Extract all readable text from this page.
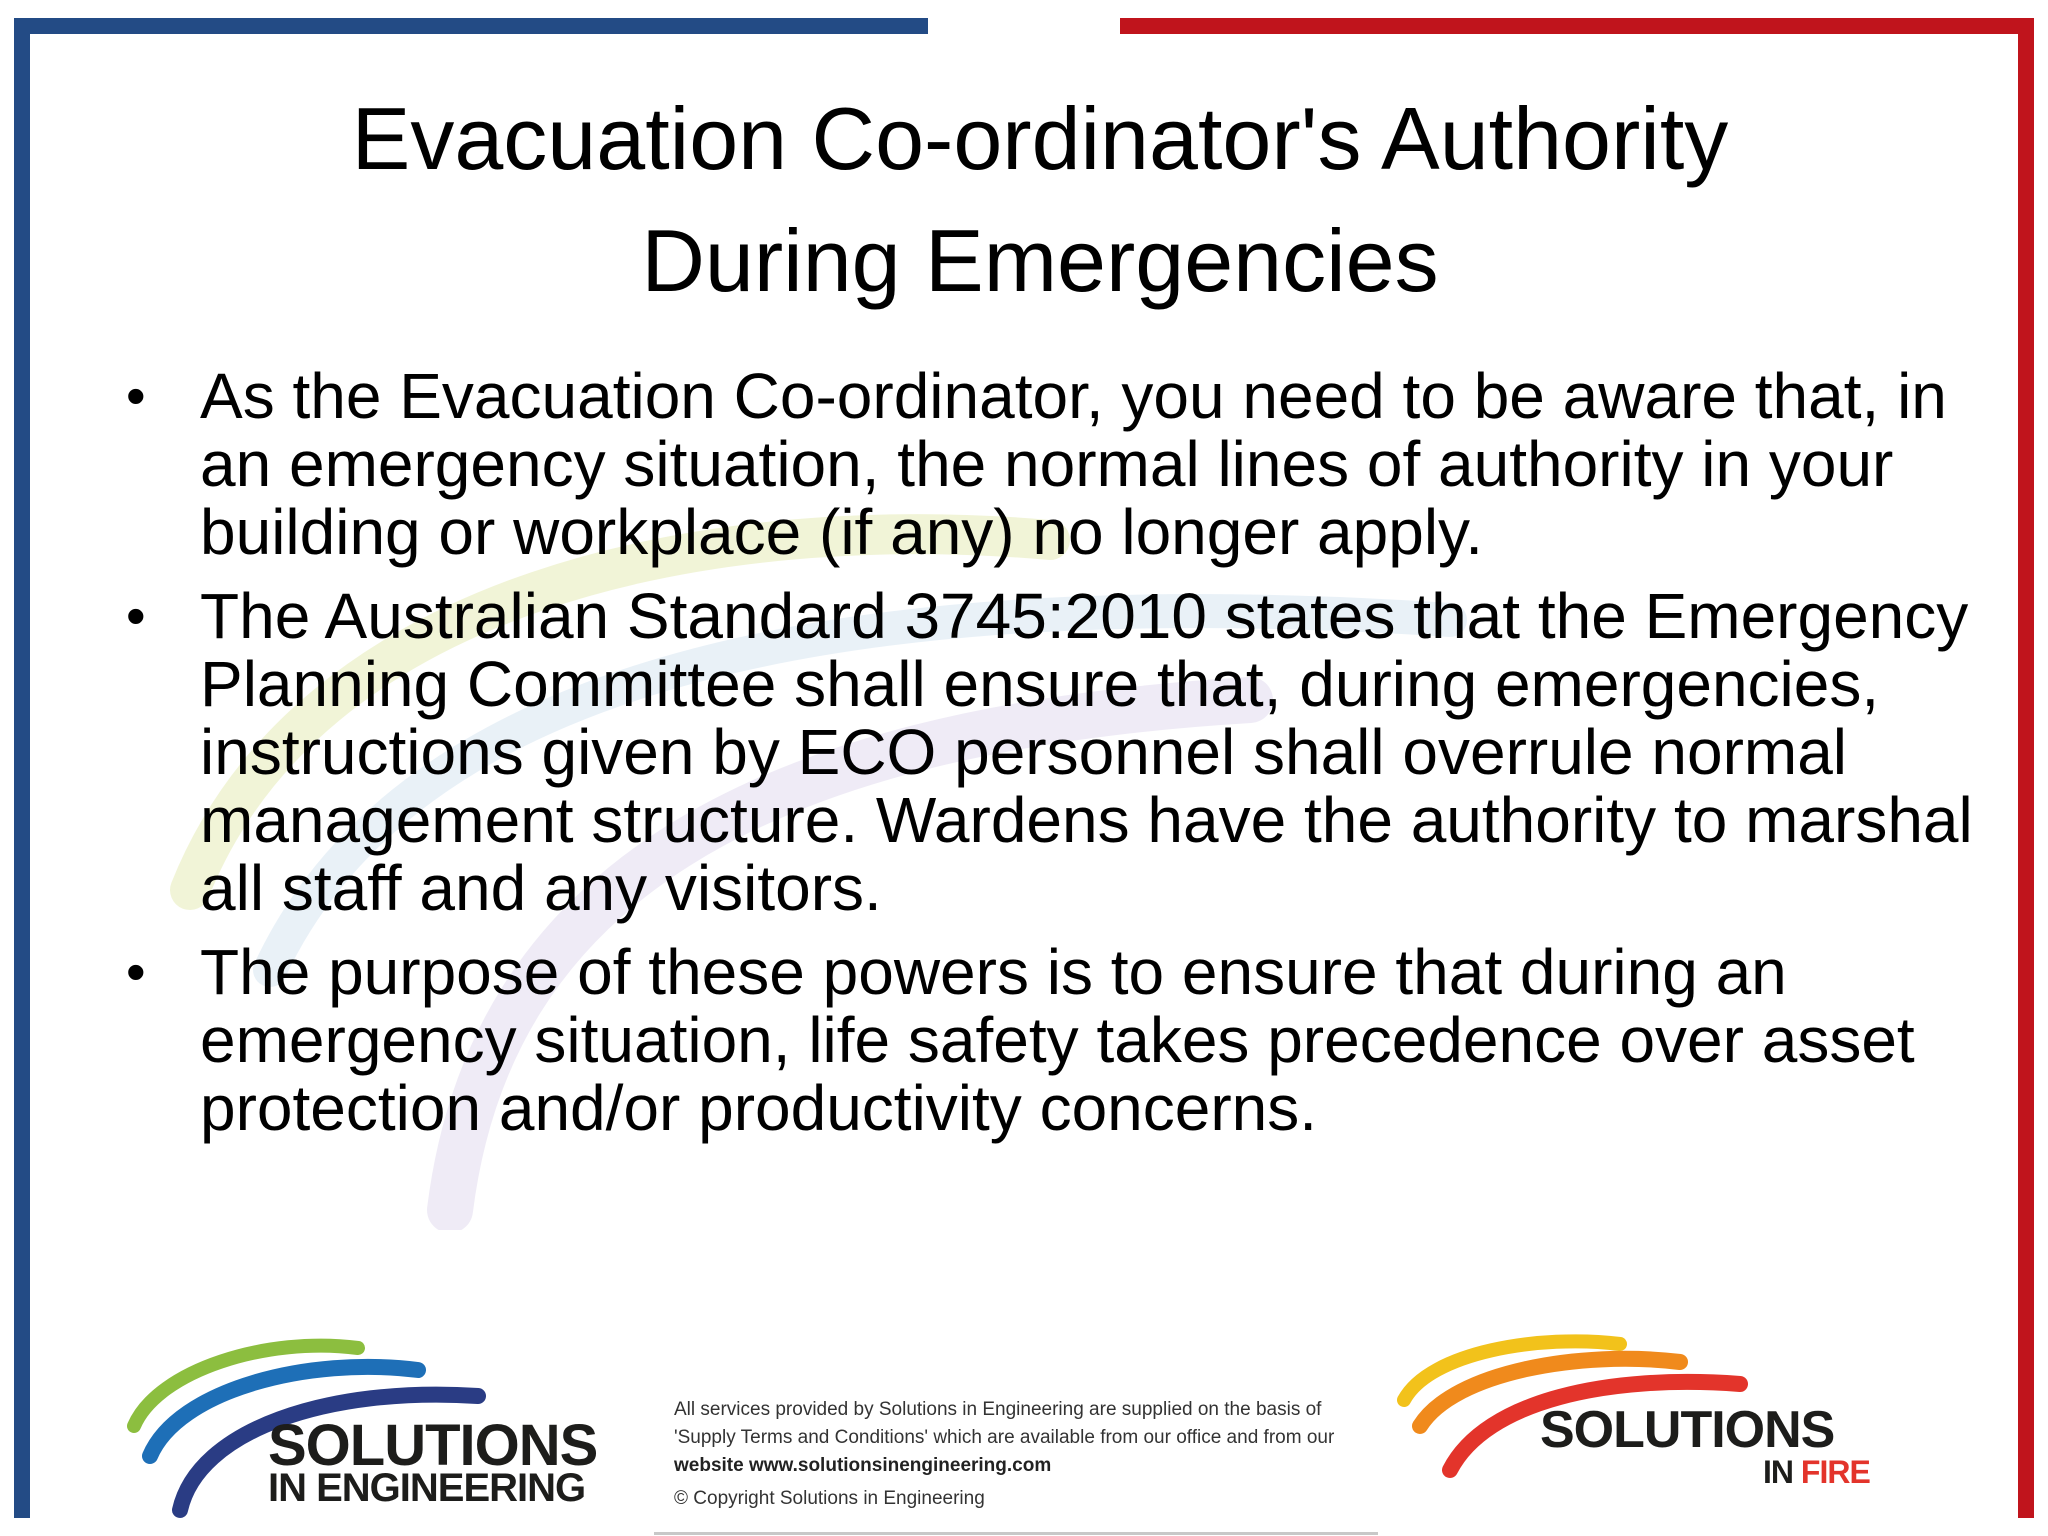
Evacuation Co-ordinator's Authority
During Emergencies
• As the Evacuation Co-ordinator, you need to be aware that, in an emergency situation, the normal lines of authority in your building or workplace (if any) no longer apply.
• The Australian Standard 3745:2010 states that the Emergency Planning Committee shall ensure that, during emergencies, instructions given by ECO personnel shall overrule normal management structure. Wardens have the authority to marshal all staff and any visitors.
• The purpose of these powers is to ensure that during an emergency situation, life safety takes precedence over asset protection and/or productivity concerns.
SOLUTIONS
IN ENGINEERING
All services provided by Solutions in Engineering are supplied on the basis of 'Supply Terms and Conditions' which are available from our office and from our website www.solutionsinengineering.com
© Copyright Solutions in Engineering
SOLUTIONS
IN FIRE
